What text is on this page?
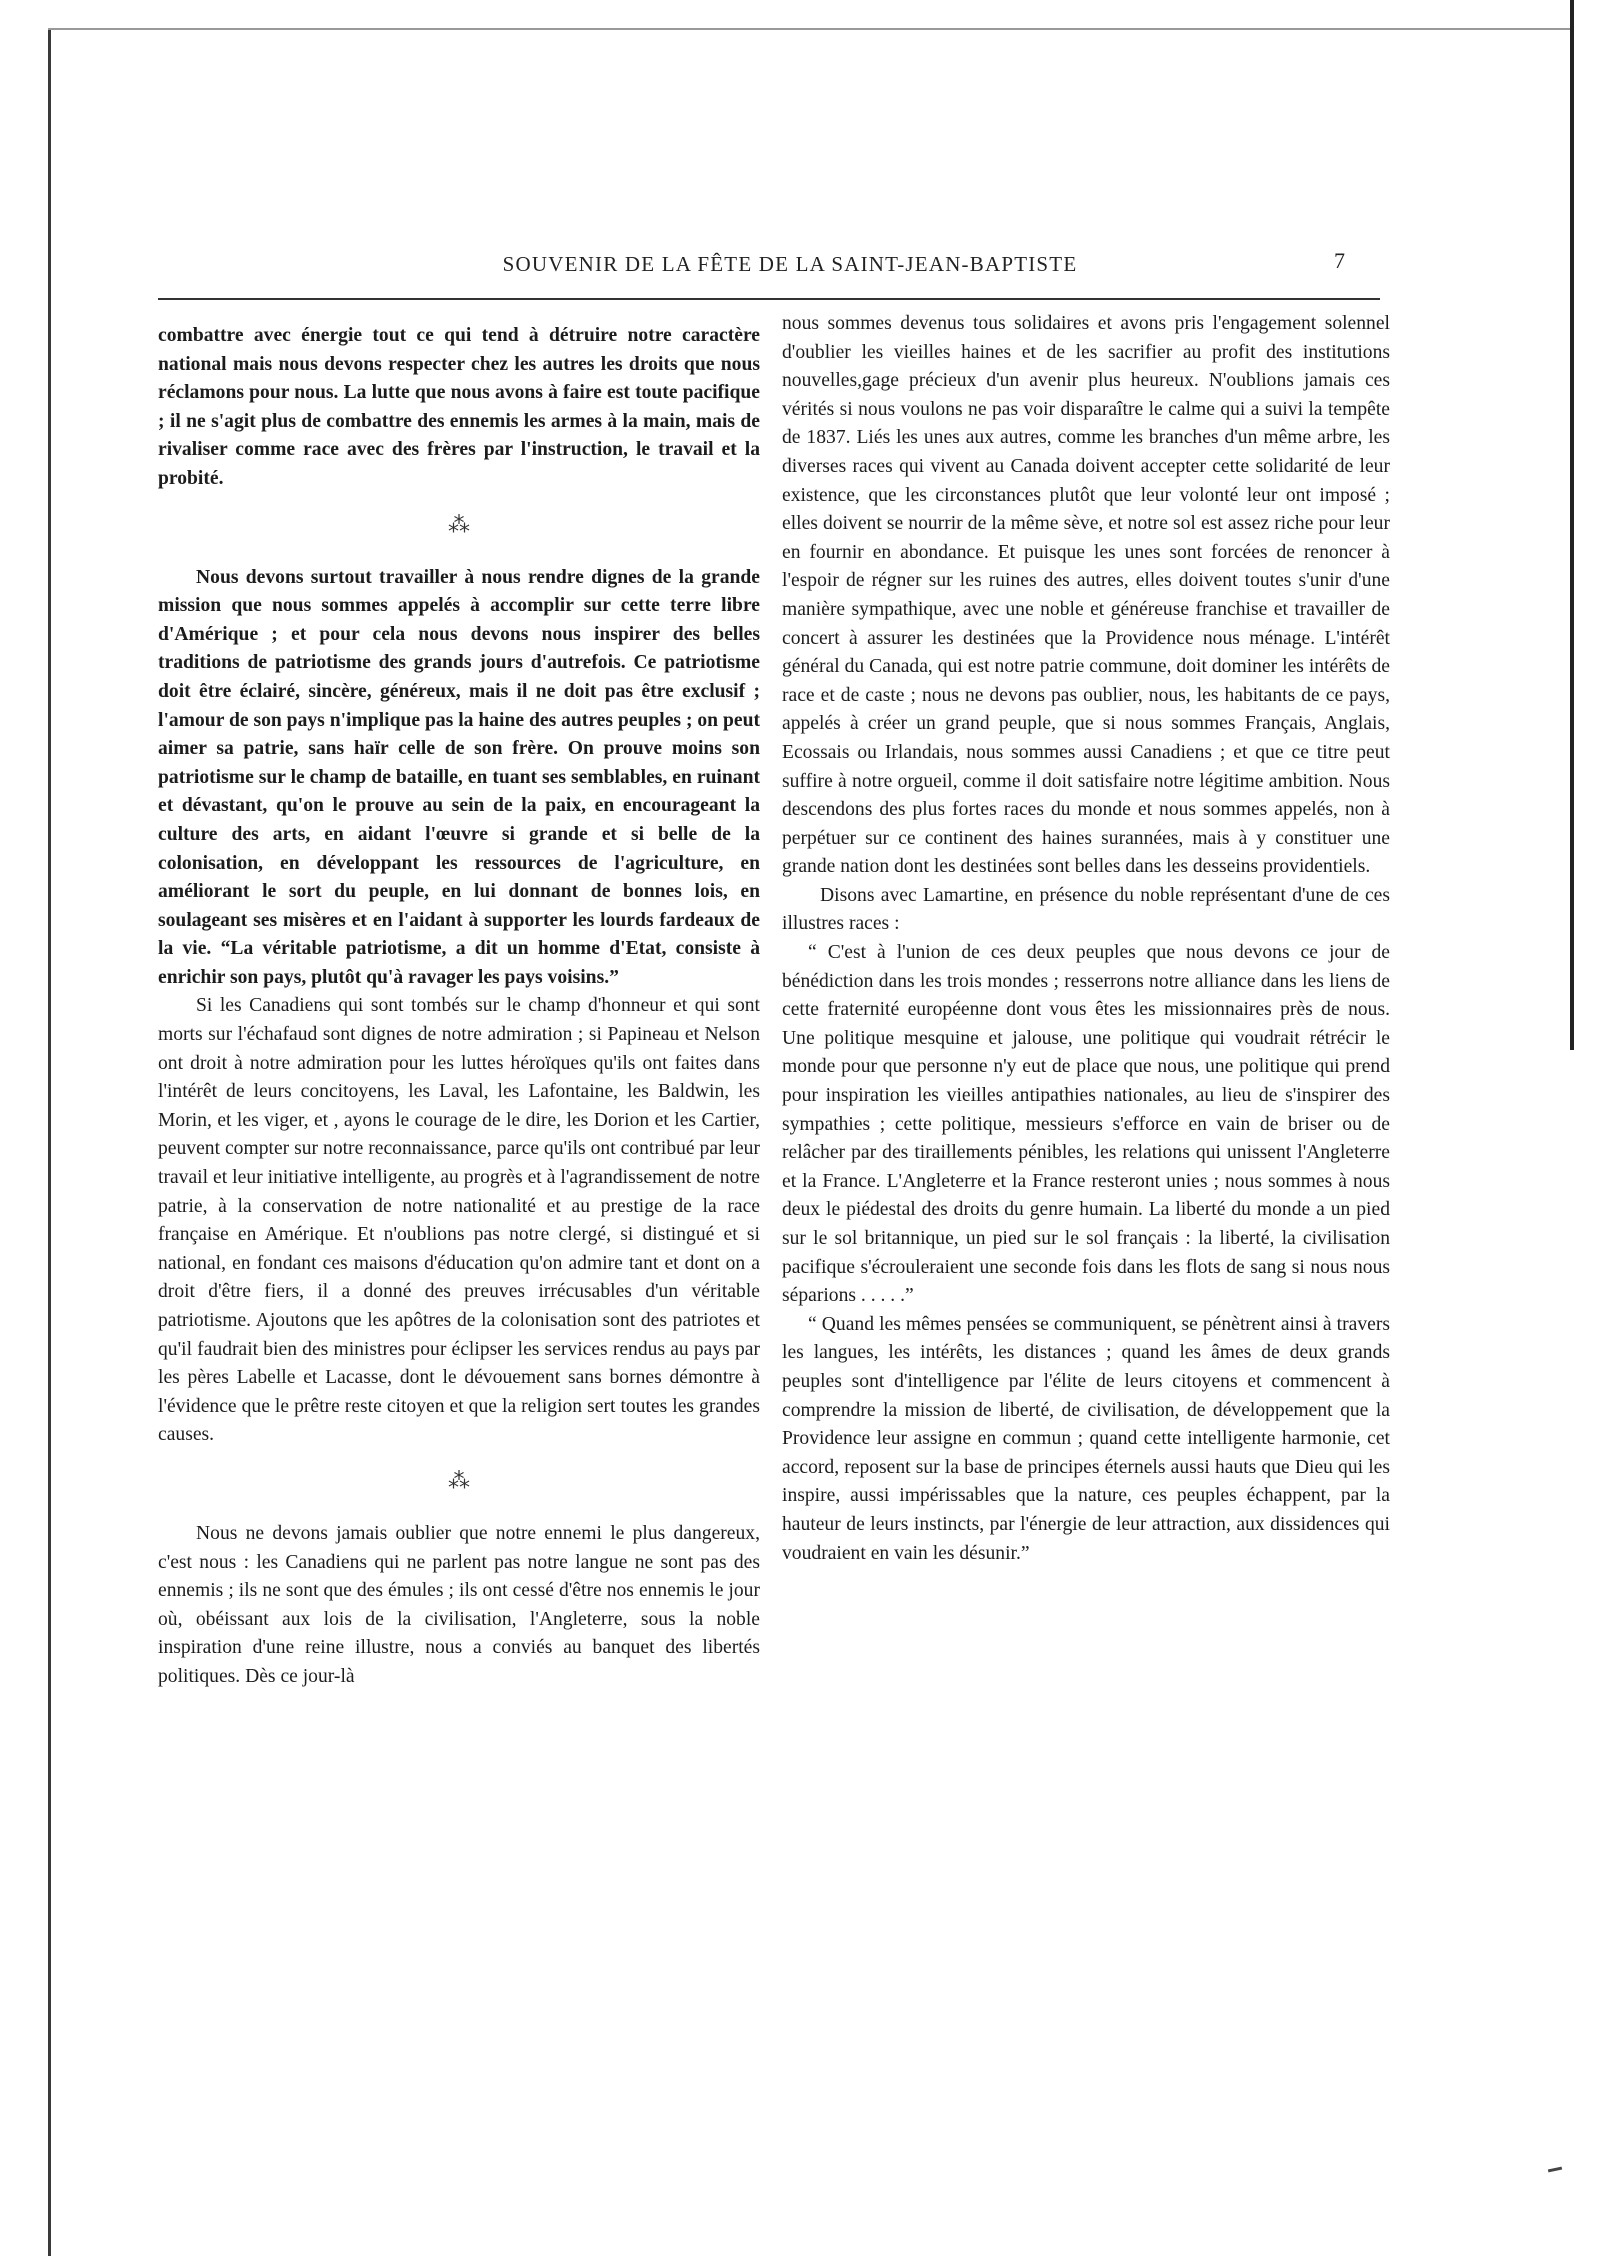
SOUVENIR DE LA FÊTE DE LA SAINT-JEAN-BAPTISTE	7

combattre avec énergie tout ce qui tend à détruire notre caractère national mais nous devons respecter chez les autres les droits que nous réclamons pour nous. La lutte que nous avons à faire est toute pacifique ; il ne s'agit plus de combattre des ennemis les armes à la main, mais de rivaliser comme race avec des frères par l'instruction, le travail et la probité.

⁂

Nous devons surtout travailler à nous rendre dignes de la grande mission que nous sommes appelés à accomplir sur cette terre libre d'Amérique ; et pour cela nous devons nous inspirer des belles traditions de patriotisme des grands jours d'autrefois. Ce patriotisme doit être éclairé, sincère, généreux, mais il ne doit pas être exclusif ; l'amour de son pays n'implique pas la haine des autres peuples ; on peut aimer sa patrie, sans haïr celle de son frère. On prouve moins son patriotisme sur le champ de bataille, en tuant ses semblables, en ruinant et dévastant, qu'on le prouve au sein de la paix, en encourageant la culture des arts, en aidant l'œuvre si grande et si belle de la colonisation, en développant les ressources de l'agriculture, en améliorant le sort du peuple, en lui donnant de bonnes lois, en soulageant ses misères et en l'aidant à supporter les lourds fardeaux de la vie. “La véritable patriotisme, a dit un homme d'Etat, consiste à enrichir son pays, plutôt qu'à ravager les pays voisins.”

Si les Canadiens qui sont tombés sur le champ d'honneur et qui sont morts sur l'échafaud sont dignes de notre admiration ; si Papineau et Nelson ont droit à notre admiration pour les luttes héroïques qu'ils ont faites dans l'intérêt de leurs concitoyens, les Laval, les Lafontaine, les Baldwin, les Morin, et les viger, et , ayons le courage de le dire, les Dorion et les Cartier, peuvent compter sur notre reconnaissance, parce qu'ils ont contribué par leur travail et leur initiative intelligente, au progrès et à l'agrandissement de notre patrie, à la conservation de notre nationalité et au prestige de la race française en Amérique. Et n'oublions pas notre clergé, si distingué et si national, en fondant ces maisons d'éducation qu'on admire tant et dont on a droit d'être fiers, il a donné des preuves irrécusables d'un véritable patriotisme. Ajoutons que les apôtres de la colonisation sont des patriotes et qu'il faudrait bien des ministres pour éclipser les services rendus au pays par les pères Labelle et Lacasse, dont le dévouement sans bornes démontre à l'évidence que le prêtre reste citoyen et que la religion sert toutes les grandes causes.

⁂

Nous ne devons jamais oublier que notre ennemi le plus dangereux, c'est nous : les Canadiens qui ne parlent pas notre langue ne sont pas des ennemis ; ils ne sont que des émules ; ils ont cessé d'être nos ennemis le jour où, obéissant aux lois de la civilisation, l'Angleterre, sous la noble inspiration d'une reine illustre, nous a conviés au banquet des libertés politiques. Dès ce jour-là

nous sommes devenus tous solidaires et avons pris l'engagement solennel d'oublier les vieilles haines et de les sacrifier au profit des institutions nouvelles,gage précieux d'un avenir plus heureux. N'oublions jamais ces vérités si nous voulons ne pas voir disparaître le calme qui a suivi la tempête de 1837. Liés les unes aux autres, comme les branches d'un même arbre, les diverses races qui vivent au Canada doivent accepter cette solidarité de leur existence, que les circonstances plutôt que leur volonté leur ont imposé ; elles doivent se nourrir de la même sève, et notre sol est assez riche pour leur en fournir en abondance. Et puisque les unes sont forcées de renoncer à l'espoir de régner sur les ruines des autres, elles doivent toutes s'unir d'une manière sympathique, avec une noble et généreuse franchise et travailler de concert à assurer les destinées que la Providence nous ménage. L'intérêt général du Canada, qui est notre patrie commune, doit dominer les intérêts de race et de caste ; nous ne devons pas oublier, nous, les habitants de ce pays, appelés à créer un grand peuple, que si nous sommes Français, Anglais, Ecossais ou Irlandais, nous sommes aussi Canadiens ; et que ce titre peut suffire à notre orgueil, comme il doit satisfaire notre légitime ambition. Nous descendons des plus fortes races du monde et nous sommes appelés, non à perpétuer sur ce continent des haines surannées, mais à y constituer une grande nation dont les destinées sont belles dans les desseins providentiels.

Disons avec Lamartine, en présence du noble représentant d'une de ces illustres races :

“ C'est à l'union de ces deux peuples que nous devons ce jour de bénédiction dans les trois mondes ; resserrons notre alliance dans les liens de cette fraternité européenne dont vous êtes les missionnaires près de nous. Une politique mesquine et jalouse, une politique qui voudrait rétrécir le monde pour que personne n'y eut de place que nous, une politique qui prend pour inspiration les vieilles antipathies nationales, au lieu de s'inspirer des sympathies ; cette politique, messieurs s'efforce en vain de briser ou de relâcher par des tiraillements pénibles, les relations qui unissent l'Angleterre et la France. L'Angleterre et la France resteront unies ; nous sommes à nous deux le piédestal des droits du genre humain. La liberté du monde a un pied sur le sol britannique, un pied sur le sol français : la liberté, la civilisation pacifique s'écrouleraient une seconde fois dans les flots de sang si nous nous séparions . . . . .”

“ Quand les mêmes pensées se communiquent, se pénètrent ainsi à travers les langues, les intérêts, les distances ; quand les âmes de deux grands peuples sont d'intelligence par l'élite de leurs citoyens et commencent à comprendre la mission de liberté, de civilisation, de développement que la Providence leur assigne en commun ; quand cette intelligente harmonie, cet accord, reposent sur la base de principes éternels aussi hauts que Dieu qui les inspire, aussi impérissables que la nature, ces peuples échappent, par la hauteur de leurs instincts, par l'énergie de leur attraction, aux dissidences qui voudraient en vain les désunir.”
